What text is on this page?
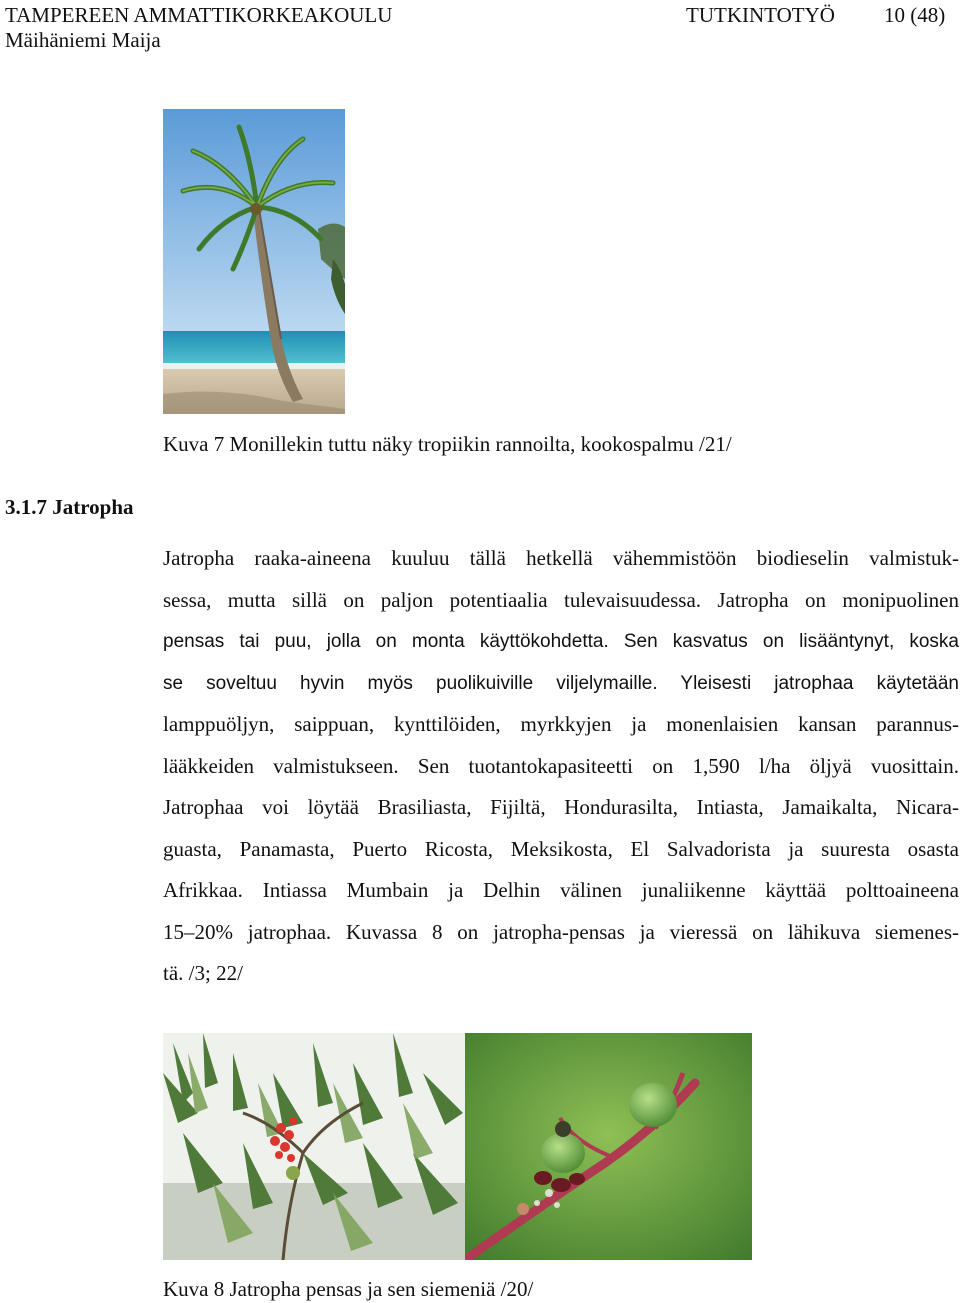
TAMPEREEN AMMATTIKORKEAKOULU	TUTKINTOTYÖ 10 (48)
Mäihäniemi Maija
Kuva 7 Monillekin tuttu näky tropiikin rannoilta, kookospalmu /21/
3.1.7 Jatropha
Jatropha raaka-aineena kuuluu tällä hetkellä vähemmistöön biodieselin valmistuk-
sessa, mutta sillä on paljon potentiaalia tulevaisuudessa. Jatropha on monipuolinen
pensas tai puu, jolla on monta käyttökohdetta. Sen kasvatus on lisääntynyt, koska
se soveltuu hyvin myös puolikuiville viljelymaille. Yleisesti jatrophaa käytetään
lamppuöljyn, saippuan, kynttilöiden, myrkkyjen ja monenlaisien kansan parannus-
lääkkeiden valmistukseen. Sen tuotantokapasiteetti on 1,590 l/ha öljyä vuosittain.
Jatrophaa voi löytää Brasiliasta, Fijiltä, Hondurasilta, Intiasta, Jamaikalta, Nicara-
guasta, Panamasta, Puerto Ricosta, Meksikosta, El Salvadorista ja suuresta osasta
Afrikkaa. Intiassa Mumbain ja Delhin välinen junaliikenne käyttää polttoaineena
15–20% jatrophaa. Kuvassa 8 on jatropha-pensas ja vieressä on lähikuva siemenes-
tä. /3; 22/
Kuva 8 Jatropha pensas ja sen siemeniä /20/
